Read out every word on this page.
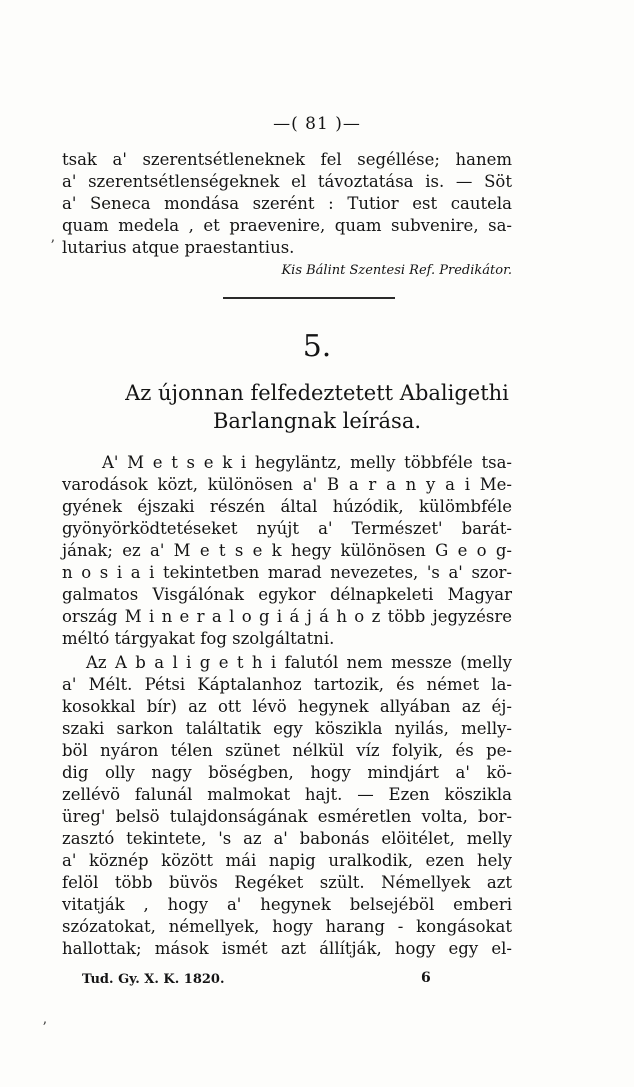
—( 81 )—
tsak a' szerentsétleneknek fel segéllése; hanem
a' szerentsétlenségeknek el távoztatása is. — Söt
a' Seneca mondása szerént : Tutior est cautela
quam medela , et praevenire, quam subvenire, sa-
lutarius atque praestantius.
ʼ
Kis Bálint Szentesi Ref. Predikátor.
5.
Az újonnan felfedeztetett Abaligethi
Barlangnak leírása.
A' M e t s e k i hegyläntz, melly többféle tsa-
varodások közt, különösen a' B a r a n y a i Me-
gyének éjszaki részén által húzódik, külömbféle
gyönyörködtetéseket nyújt a' Természet' barát-
jának; ez a' M e t s e k hegy különösen G e o g-
n o s i a i tekintetben marad nevezetes, 's a' szor-
galmatos Visgálónak egykor délnapkeleti Magyar
ország M i n e r a l o g i á j á h o z több jegyzésre
méltó tárgyakat fog szolgáltatni.
Az A b a l i g e t h i falutól nem messze (melly
a' Mélt. Pétsi Káptalanhoz tartozik, és német la-
kosokkal bír) az ott lévö hegynek allyában az éj-
szaki sarkon találtatik egy köszikla nyilás, melly-
böl nyáron télen szünet nélkül víz folyik, és pe-
dig olly nagy böségben, hogy mindjárt a' kö-
zellévö falunál malmokat hajt. — Ezen köszikla
üreg' belsö tulajdonságának esméretlen volta, bor-
zasztó tekintete, 's az a' babonás elöitélet, melly
a' köznép között mái napig uralkodik, ezen hely
felöl több büvös Regéket szült. Némellyek azt
vitatják , hogy a' hegynek belsejéböl emberi
szózatokat, némellyek, hogy harang - kongásokat
hallottak; mások ismét azt állítják, hogy egy el-
Tud. Gy. X. K. 1820.	6
ʼ
